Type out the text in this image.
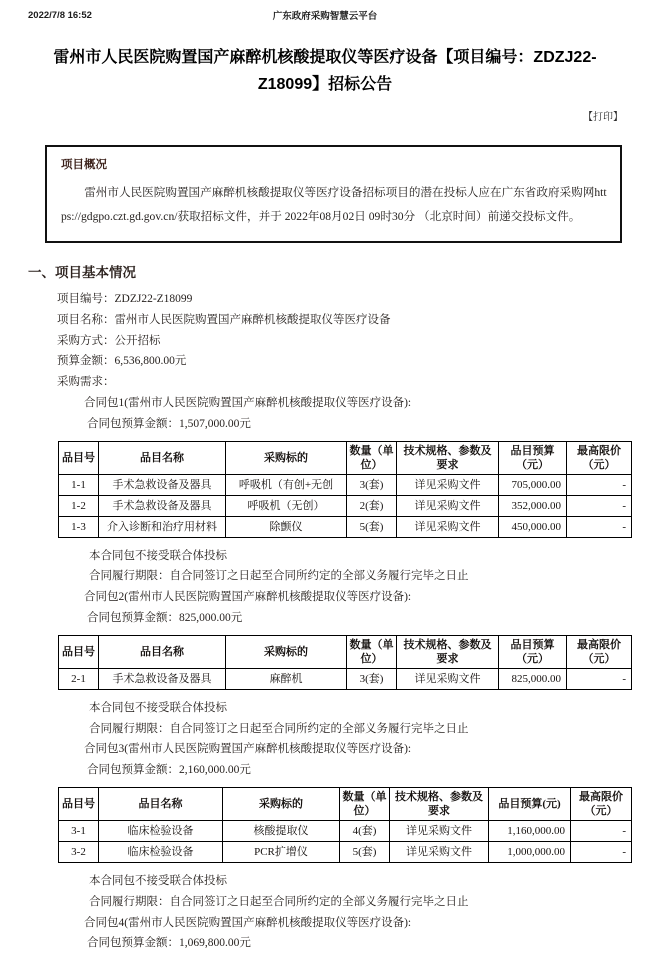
2022/7/8 16:52	广东政府采购智慧云平台
雷州市人民医院购置国产麻醉机核酸提取仪等医疗设备【项目编号：ZDZJ22-Z18099】招标公告
【打印】
项目概况

雷州市人民医院购置国产麻醉机核酸提取仪等医疗设备招标项目的潜在投标人应在广东省政府采购网https://gdgpo.czt.gd.gov.cn/获取招标文件，并于 2022年08月02日 09时30分 （北京时间）前递交投标文件。

一、项目基本情况
项目编号：ZDZJ22-Z18099
项目名称：雷州市人民医院购置国产麻醉机核酸提取仪等医疗设备
采购方式：公开招标
预算金额：6,536,800.00元
采购需求：
合同包1(雷州市人民医院购置国产麻醉机核酸提取仪等医疗设备):
合同包预算金额：1,507,000.00元
品目号	品目名称	采购标的	数量（单位）	技术规格、参数及要求	品目预算（元）	最高限价（元）
1-1	手术急救设备及器具	呼吸机（有创+无创	3(套)	详见采购文件	705,000.00	-
1-2	手术急救设备及器具	呼吸机（无创）	2(套)	详见采购文件	352,000.00	-
1-3	介入诊断和治疗用材料	除颤仪	5(套)	详见采购文件	450,000.00	-
本合同包不接受联合体投标
合同履行期限：自合同签订之日起至合同所约定的全部义务履行完毕之日止
合同包2(雷州市人民医院购置国产麻醉机核酸提取仪等医疗设备):
合同包预算金额：825,000.00元
品目号	品目名称	采购标的	数量（单位）	技术规格、参数及要求	品目预算（元）	最高限价（元）
2-1	手术急救设备及器具	麻醉机	3(套)	详见采购文件	825,000.00	-
本合同包不接受联合体投标
合同履行期限：自合同签订之日起至合同所约定的全部义务履行完毕之日止
合同包3(雷州市人民医院购置国产麻醉机核酸提取仪等医疗设备):
合同包预算金额：2,160,000.00元
品目号	品目名称	采购标的	数量（单位）	技术规格、参数及要求	品目预算(元)	最高限价（元）
3-1	临床检验设备	核酸提取仪	4(套)	详见采购文件	1,160,000.00	-
3-2	临床检验设备	PCR扩增仪	5(套)	详见采购文件	1,000,000.00	-
本合同包不接受联合体投标
合同履行期限：自合同签订之日起至合同所约定的全部义务履行完毕之日止
合同包4(雷州市人民医院购置国产麻醉机核酸提取仪等医疗设备):
合同包预算金额：1,069,800.00元
